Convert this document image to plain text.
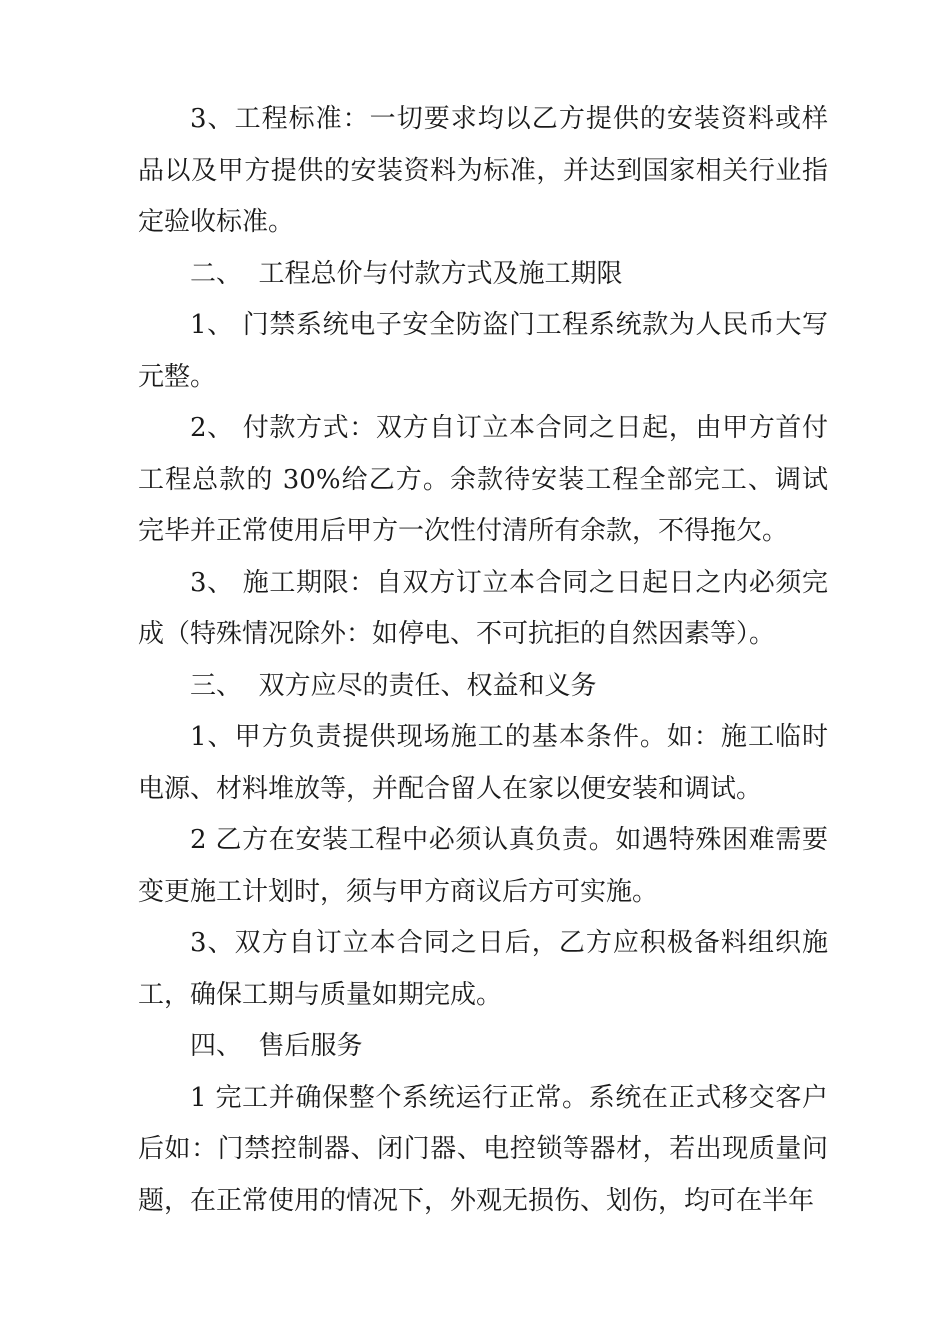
3、工程标准：一切要求均以乙方提供的安装资料或样 品以及甲方提供的安装资料为标准，并达到国家相关行业指 定验收标准。

二、  工程总价与付款方式及施工期限

1、 门禁系统电子安全防盗门工程系统款为人民币大写元整。

2、 付款方式：双方自订立本合同之日起，由甲方首付工程总款的 30%给乙方。余款待安装工程全部完工、调试完毕并正常使用后甲方一次性付清所有余款，不得拖欠。

3、 施工期限：自双方订立本合同之日起日之内必须完成（特殊情况除外：如停电、不可抗拒的自然因素等）。

三、  双方应尽的责任、权益和义务

1、甲方负责提供现场施工的基本条件。如：施工临时 电源、材料堆放等，并配合留人在家以便安装和调试。

2 乙方在安装工程中必须认真负责。如遇特殊困难需要变更施工计划时，须与甲方商议后方可实施。

3、双方自订立本合同之日后，乙方应积极备料组织施工，确保工期与质量如期完成。

四、  售后服务

1 完工并确保整个系统运行正常。系统在正式移交客户后如：门禁控制器、闭门器、电控锁等器材，若出现质量问题，在正常使用的情况下，外观无损伤、划伤，均可在半年
